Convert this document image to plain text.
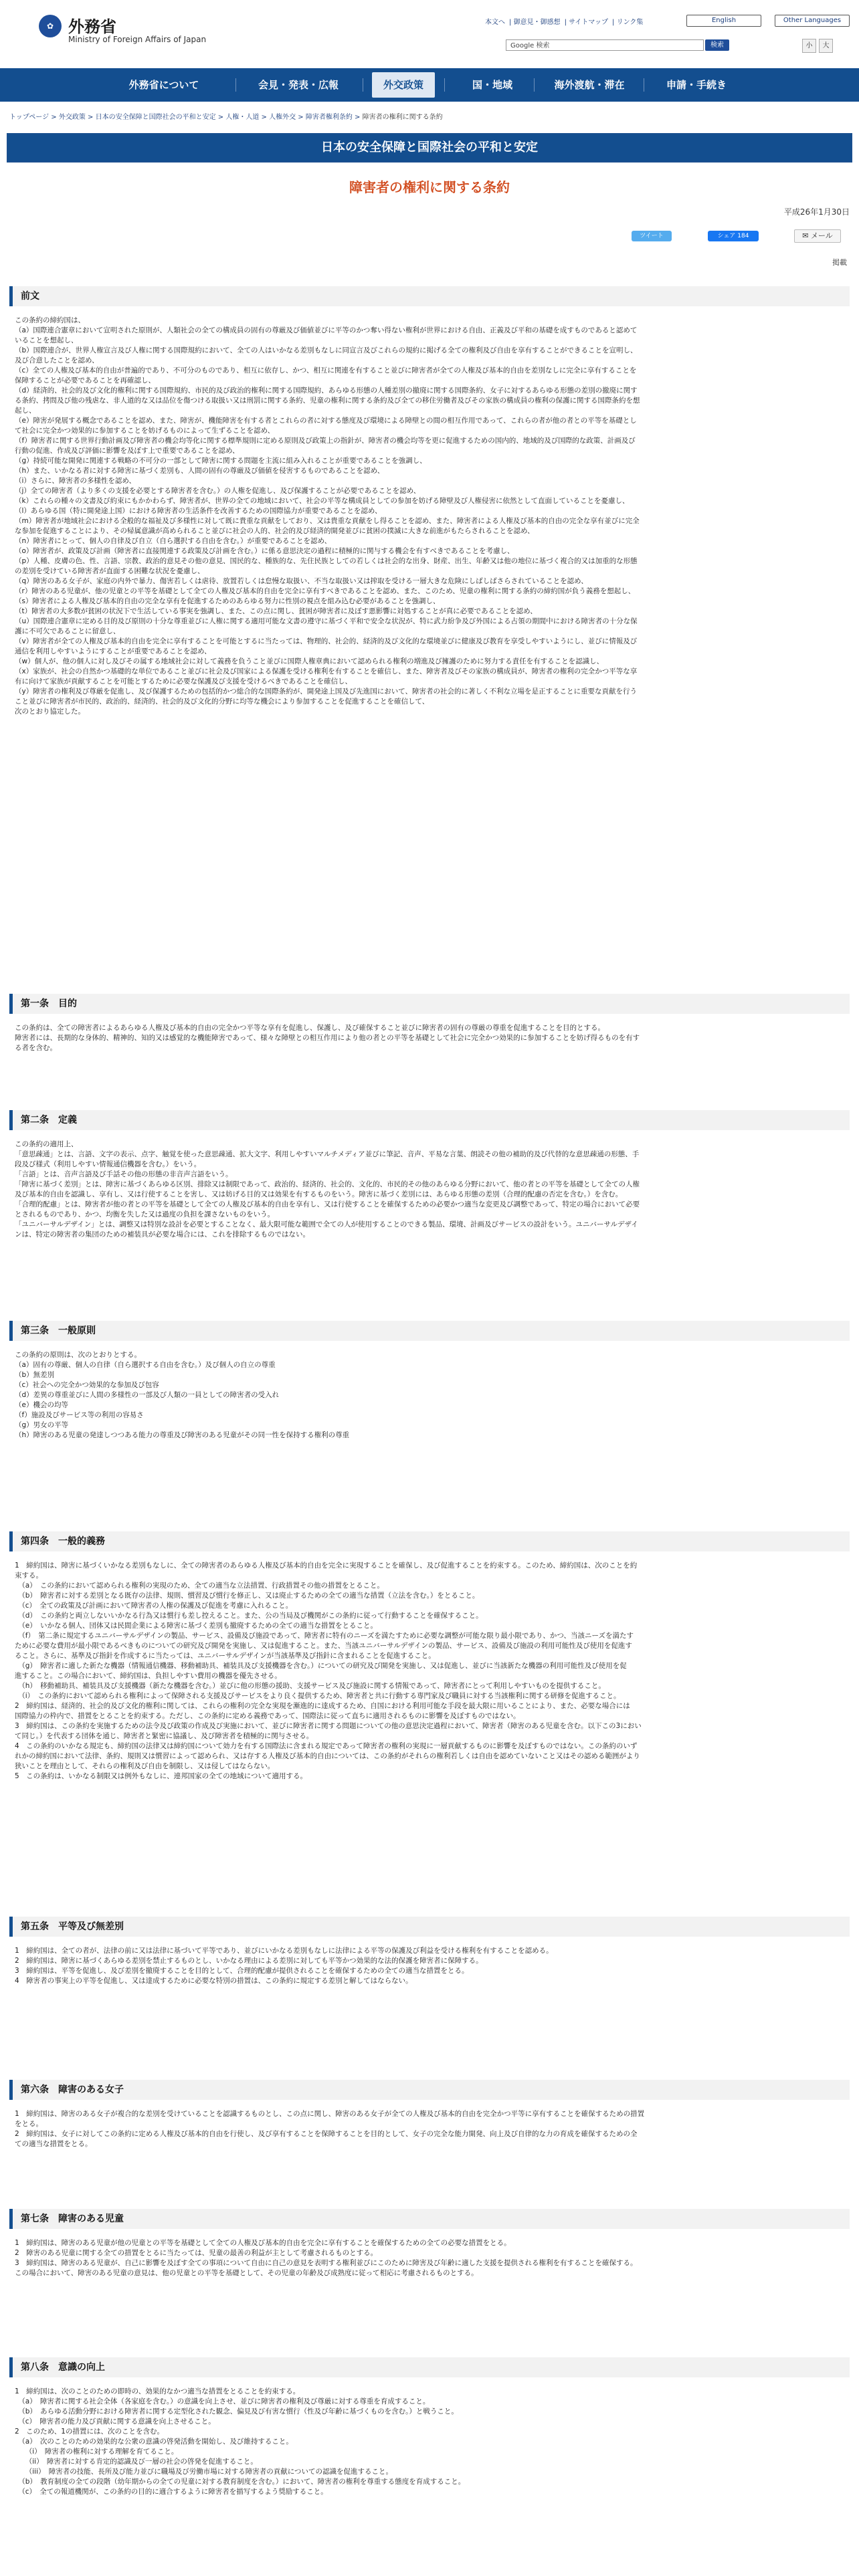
✿ 外務省
Ministry of Foreign Affairs of Japan
本文へ | 御意見・御感想 | サイトマップ | リンク集	English	Other Languages
Google 検索	検索	小	大
外務省について	会見・発表・広報	外交政策	国・地域	海外渡航・滞在	申請・手続き
トップページ > 外交政策 > 日本の安全保障と国際社会の平和と安定 > 人権・人道 > 人権外交 > 障害者権利条約 > 障害者の権利に関する条約
日本の安全保障と国際社会の平和と安定
障害者の権利に関する条約
平成26年1月30日
ツイート	シェア 184	✉ メール
掲載
前文
この条約の締約国は、
（a）国際連合憲章において宣明された原則が、人類社会の全ての構成員の固有の尊厳及び価値並びに平等のかつ奪い得ない権利が世界における自由、正義及び平和の基礎を成すものであると認めて
いることを想起し、
（b）国際連合が、世界人権宣言及び人権に関する国際規約において、全ての人はいかなる差別もなしに同宣言及びこれらの規約に掲げる全ての権利及び自由を享有することができることを宣明し、
及び合意したことを認め、
（c）全ての人権及び基本的自由が普遍的であり、不可分のものであり、相互に依存し、かつ、相互に関連を有すること並びに障害者が全ての人権及び基本的自由を差別なしに完全に享有することを
保障することが必要であることを再確認し、
（d）経済的、社会的及び文化的権利に関する国際規約、市民的及び政治的権利に関する国際規約、あらゆる形態の人種差別の撤廃に関する国際条約、女子に対するあらゆる形態の差別の撤廃に関す
る条約、拷問及び他の残虐な、非人道的な又は品位を傷つける取扱い又は刑罰に関する条約、児童の権利に関する条約及び全ての移住労働者及びその家族の構成員の権利の保護に関する国際条約を想
起し、
（e）障害が発展する概念であることを認め、また、障害が、機能障害を有する者とこれらの者に対する態度及び環境による障壁との間の相互作用であって、これらの者が他の者との平等を基礎とし
て社会に完全かつ効果的に参加することを妨げるものによって生ずることを認め、
（f）障害者に関する世界行動計画及び障害者の機会均等化に関する標準規則に定める原則及び政策上の指針が、障害者の機会均等を更に促進するための国内的、地域的及び国際的な政策、計画及び
行動の促進、作成及び評価に影響を及ぼす上で重要であることを認め、
（g）持続可能な開発に関連する戦略の不可分の一部として障害に関する問題を主流に組み入れることが重要であることを強調し、
（h）また、いかなる者に対する障害に基づく差別も、人間の固有の尊厳及び価値を侵害するものであることを認め、
（i）さらに、障害者の多様性を認め、
（j）全ての障害者（より多くの支援を必要とする障害者を含む。）の人権を促進し、及び保護することが必要であることを認め、
（k）これらの種々の文書及び約束にもかかわらず、障害者が、世界の全ての地域において、社会の平等な構成員としての参加を妨げる障壁及び人権侵害に依然として直面していることを憂慮し、
（l）あらゆる国（特に開発途上国）における障害者の生活条件を改善するための国際協力が重要であることを認め、
（m）障害者が地域社会における全般的な福祉及び多様性に対して既に貴重な貢献をしており、又は貴重な貢献をし得ることを認め、また、障害者による人権及び基本的自由の完全な享有並びに完全
な参加を促進することにより、その帰属意識が高められること並びに社会の人的、社会的及び経済的開発並びに貧困の撲滅に大きな前進がもたらされることを認め、
（n）障害者にとって、個人の自律及び自立（自ら選択する自由を含む。）が重要であることを認め、
（o）障害者が、政策及び計画（障害者に直接関連する政策及び計画を含む。）に係る意思決定の過程に積極的に関与する機会を有すべきであることを考慮し、
（p）人種、皮膚の色、性、言語、宗教、政治的意見その他の意見、国民的な、種族的な、先住民族としての若しくは社会的な出身、財産、出生、年齢又は他の地位に基づく複合的又は加重的な形態
の差別を受けている障害者が直面する困難な状況を憂慮し、
（q）障害のある女子が、家庭の内外で暴力、傷害若しくは虐待、放置若しくは怠慢な取扱い、不当な取扱い又は搾取を受ける一層大きな危険にしばしばさらされていることを認め、
（r）障害のある児童が、他の児童との平等を基礎として全ての人権及び基本的自由を完全に享有すべきであることを認め、また、このため、児童の権利に関する条約の締約国が負う義務を想起し、
（s）障害者による人権及び基本的自由の完全な享有を促進するためのあらゆる努力に性別の視点を組み込む必要があることを強調し、
（t）障害者の大多数が貧困の状況下で生活している事実を強調し、また、この点に関し、貧困が障害者に及ぼす悪影響に対処することが真に必要であることを認め、
（u）国際連合憲章に定める目的及び原則の十分な尊重並びに人権に関する適用可能な文書の遵守に基づく平和で安全な状況が、特に武力紛争及び外国による占領の期間中における障害者の十分な保
護に不可欠であることに留意し、
（v）障害者が全ての人権及び基本的自由を完全に享有することを可能とするに当たっては、物理的、社会的、経済的及び文化的な環境並びに健康及び教育を享受しやすいようにし、並びに情報及び
通信を利用しやすいようにすることが重要であることを認め、
（w）個人が、他の個人に対し及びその属する地域社会に対して義務を負うこと並びに国際人権章典において認められる権利の増進及び擁護のために努力する責任を有することを認識し、
（x）家族が、社会の自然かつ基礎的な単位であること並びに社会及び国家による保護を受ける権利を有することを確信し、また、障害者及びその家族の構成員が、障害者の権利の完全かつ平等な享
有に向けて家族が貢献することを可能とするために必要な保護及び支援を受けるべきであることを確信し、
（y）障害者の権利及び尊厳を促進し、及び保護するための包括的かつ総合的な国際条約が、開発途上国及び先進国において、障害者の社会的に著しく不利な立場を是正することに重要な貢献を行う
こと並びに障害者が市民的、政治的、経済的、社会的及び文化的分野に均等な機会により参加することを促進することを確信して、
次のとおり協定した。
第一条　目的
この条約は、全ての障害者によるあらゆる人権及び基本的自由の完全かつ平等な享有を促進し、保護し、及び確保すること並びに障害者の固有の尊厳の尊重を促進することを目的とする。
障害者には、長期的な身体的、精神的、知的又は感覚的な機能障害であって、様々な障壁との相互作用により他の者との平等を基礎として社会に完全かつ効果的に参加することを妨げ得るものを有す
る者を含む。
第二条　定義
この条約の適用上、
「意思疎通」とは、言語、文字の表示、点字、触覚を使った意思疎通、拡大文字、利用しやすいマルチメディア並びに筆記、音声、平易な言葉、朗読その他の補助的及び代替的な意思疎通の形態、手
段及び様式（利用しやすい情報通信機器を含む。）をいう。
「言語」とは、音声言語及び手話その他の形態の非音声言語をいう。
「障害に基づく差別」とは、障害に基づくあらゆる区別、排除又は制限であって、政治的、経済的、社会的、文化的、市民的その他のあらゆる分野において、他の者との平等を基礎として全ての人権
及び基本的自由を認識し、享有し、又は行使することを害し、又は妨げる目的又は効果を有するものをいう。障害に基づく差別には、あらゆる形態の差別（合理的配慮の否定を含む。）を含む。
「合理的配慮」とは、障害者が他の者との平等を基礎として全ての人権及び基本的自由を享有し、又は行使することを確保するための必要かつ適当な変更及び調整であって、特定の場合において必要
とされるものであり、かつ、均衡を失した又は過度の負担を課さないものをいう。
「ユニバーサルデザイン」とは、調整又は特別な設計を必要とすることなく、最大限可能な範囲で全ての人が使用することのできる製品、環境、計画及びサービスの設計をいう。ユニバーサルデザイ
ンは、特定の障害者の集団のための補装具が必要な場合には、これを排除するものではない。
第三条　一般原則
この条約の原則は、次のとおりとする。
（a）固有の尊厳、個人の自律（自ら選択する自由を含む。）及び個人の自立の尊重
（b）無差別
（c）社会への完全かつ効果的な参加及び包容
（d）差異の尊重並びに人間の多様性の一部及び人類の一員としての障害者の受入れ
（e）機会の均等
（f）施設及びサービス等の利用の容易さ
（g）男女の平等
（h）障害のある児童の発達しつつある能力の尊重及び障害のある児童がその同一性を保持する権利の尊重
第四条　一般的義務
1　締約国は、障害に基づくいかなる差別もなしに、全ての障害者のあらゆる人権及び基本的自由を完全に実現することを確保し、及び促進することを約束する。このため、締約国は、次のことを約
束する。
　（a）　この条約において認められる権利の実現のため、全ての適当な立法措置、行政措置その他の措置をとること。
　（b）　障害者に対する差別となる既存の法律、規則、慣習及び慣行を修正し、又は廃止するための全ての適当な措置（立法を含む。）をとること。
　（c）　全ての政策及び計画において障害者の人権の保護及び促進を考慮に入れること。
　（d）　この条約と両立しないいかなる行為又は慣行も差し控えること。また、公の当局及び機関がこの条約に従って行動することを確保すること。
　（e）　いかなる個人、団体又は民間企業による障害に基づく差別も撤廃するための全ての適当な措置をとること。
　（f）　第二条に規定するユニバーサルデザインの製品、サービス、設備及び施設であって、障害者に特有のニーズを満たすために必要な調整が可能な限り最小限であり、かつ、当該ニーズを満たす
ために必要な費用が最小限であるべきものについての研究及び開発を実施し、又は促進すること。また、当該ユニバーサルデザインの製品、サービス、設備及び施設の利用可能性及び使用を促進す
ること。さらに、基準及び指針を作成するに当たっては、ユニバーサルデザインが当該基準及び指針に含まれることを促進すること。
　（g）　障害者に適した新たな機器（情報通信機器、移動補助具、補装具及び支援機器を含む。）についての研究及び開発を実施し、又は促進し、並びに当該新たな機器の利用可能性及び使用を促
進すること。この場合において、締約国は、負担しやすい費用の機器を優先させる。
　（h）　移動補助具、補装具及び支援機器（新たな機器を含む。）並びに他の形態の援助、支援サービス及び施設に関する情報であって、障害者にとって利用しやすいものを提供すること。
　（i）　この条約において認められる権利によって保障される支援及びサービスをより良く提供するため、障害者と共に行動する専門家及び職員に対する当該権利に関する研修を促進すること。
2　締約国は、経済的、社会的及び文化的権利に関しては、これらの権利の完全な実現を漸進的に達成するため、自国における利用可能な手段を最大限に用いることにより、また、必要な場合には
国際協力の枠内で、措置をとることを約束する。ただし、この条約に定める義務であって、国際法に従って直ちに適用されるものに影響を及ぼすものではない。
3　締約国は、この条約を実施するための法令及び政策の作成及び実施において、並びに障害者に関する問題についての他の意思決定過程において、障害者（障害のある児童を含む。以下この3におい
て同じ。）を代表する団体を通じ、障害者と緊密に協議し、及び障害者を積極的に関与させる。
4　この条約のいかなる規定も、締約国の法律又は締約国について効力を有する国際法に含まれる規定であって障害者の権利の実現に一層貢献するものに影響を及ぼすものではない。この条約のいず
れかの締約国において法律、条約、規則又は慣習によって認められ、又は存する人権及び基本的自由については、この条約がそれらの権利若しくは自由を認めていないこと又はその認める範囲がより
狭いことを理由として、それらの権利及び自由を制限し、又は侵してはならない。
5　この条約は、いかなる制限又は例外もなしに、連邦国家の全ての地域について適用する。
第五条　平等及び無差別
1　締約国は、全ての者が、法律の前に又は法律に基づいて平等であり、並びにいかなる差別もなしに法律による平等の保護及び利益を受ける権利を有することを認める。
2　締約国は、障害に基づくあらゆる差別を禁止するものとし、いかなる理由による差別に対しても平等かつ効果的な法的保護を障害者に保障する。
3　締約国は、平等を促進し、及び差別を撤廃することを目的として、合理的配慮が提供されることを確保するための全ての適当な措置をとる。
4　障害者の事実上の平等を促進し、又は達成するために必要な特別の措置は、この条約に規定する差別と解してはならない。
第六条　障害のある女子
1　締約国は、障害のある女子が複合的な差別を受けていることを認識するものとし、この点に関し、障害のある女子が全ての人権及び基本的自由を完全かつ平等に享有することを確保するための措置
をとる。
2　締約国は、女子に対してこの条約に定める人権及び基本的自由を行使し、及び享有することを保障することを目的として、女子の完全な能力開発、向上及び自律的な力の育成を確保するための全
ての適当な措置をとる。
第七条　障害のある児童
1　締約国は、障害のある児童が他の児童との平等を基礎として全ての人権及び基本的自由を完全に享有することを確保するための全ての必要な措置をとる。
2　障害のある児童に関する全ての措置をとるに当たっては、児童の最善の利益が主として考慮されるものとする。
3　締約国は、障害のある児童が、自己に影響を及ぼす全ての事項について自由に自己の意見を表明する権利並びにこのために障害及び年齢に適した支援を提供される権利を有することを確保する。
この場合において、障害のある児童の意見は、他の児童との平等を基礎として、その児童の年齢及び成熟度に従って相応に考慮されるものとする。
第八条　意識の向上
1　締約国は、次のことのための即時の、効果的なかつ適当な措置をとることを約束する。
　（a）　障害者に関する社会全体（各家庭を含む。）の意識を向上させ、並びに障害者の権利及び尊厳に対する尊重を育成すること。
　（b）　あらゆる活動分野における障害者に関する定型化された観念、偏見及び有害な慣行（性及び年齢に基づくものを含む。）と戦うこと。
　（c）　障害者の能力及び貢献に関する意識を向上させること。
2　このため、1の措置には、次のことを含む。
　（a）　次のことのための効果的な公衆の意識の啓発活動を開始し、及び維持すること。
　　（i）　障害者の権利に対する理解を育てること。
　　（ii）　障害者に対する肯定的認識及び一層の社会の啓発を促進すること。
　　（iii）　障害者の技能、長所及び能力並びに職場及び労働市場に対する障害者の貢献についての認識を促進すること。
　（b）　教育制度の全ての段階（幼年期からの全ての児童に対する教育制度を含む。）において、障害者の権利を尊重する態度を育成すること。
　（c）　全ての報道機関が、この条約の目的に適合するように障害者を描写するよう奨励すること。
